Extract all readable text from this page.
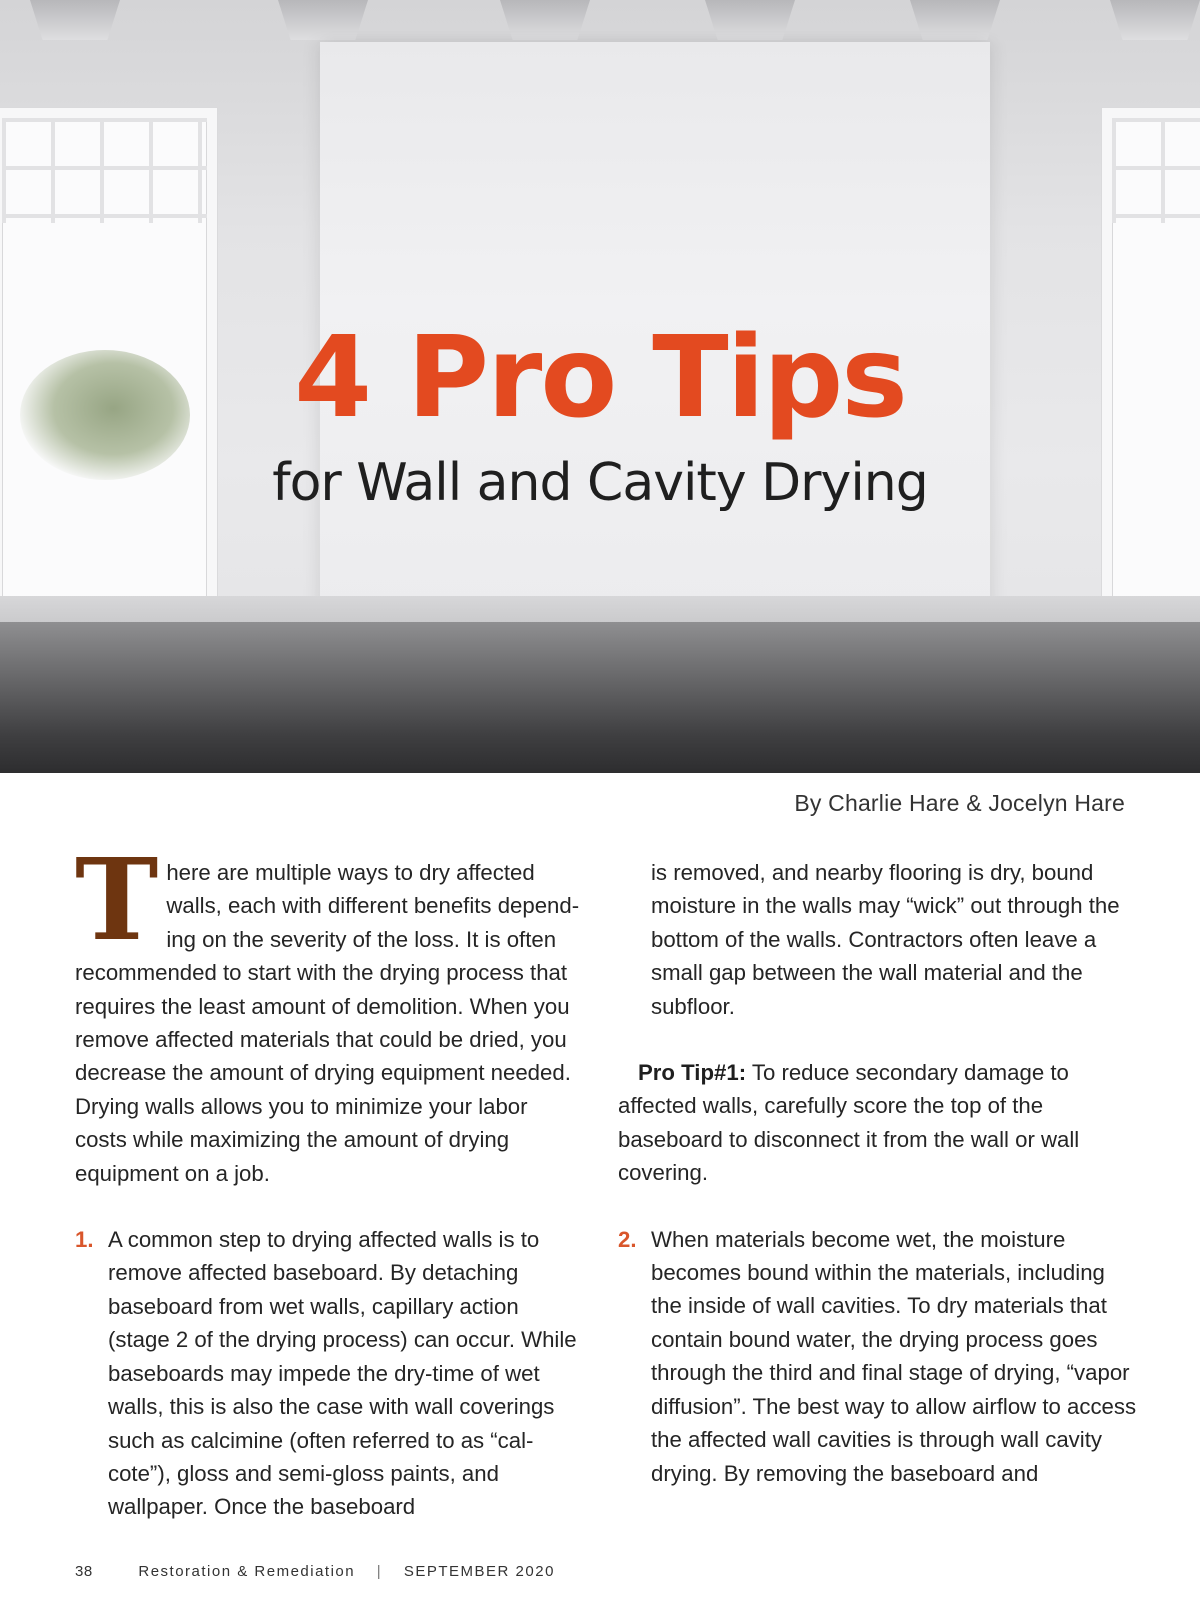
4 Pro Tips
for Wall and Cavity Drying
By Charlie Hare & Jocelyn Hare

There are multiple ways to dry affected walls, each with different benefits depend-ing on the severity of the loss. It is often recommended to start with the drying process that requires the least amount of demolition. When you remove affected materials that could be dried, you decrease the amount of drying equipment needed. Drying walls allows you to minimize your labor costs while maximizing the amount of drying equipment on a job.

1. A common step to drying affected walls is to remove affected baseboard. By detaching baseboard from wet walls, capillary action (stage 2 of the drying process) can occur. While baseboards may impede the dry-time of wet walls, this is also the case with wall coverings such as calcimine (often referred to as “cal-cote”), gloss and semi-gloss paints, and wallpaper. Once the baseboard

is removed, and nearby flooring is dry, bound moisture in the walls may “wick” out through the bottom of the walls. Contractors often leave a small gap between the wall material and the subfloor.

Pro Tip#1: To reduce secondary damage to affected walls, carefully score the top of the baseboard to disconnect it from the wall or wall covering.

2. When materials become wet, the moisture becomes bound within the materials, including the inside of wall cavities. To dry materials that contain bound water, the drying process goes through the third and final stage of drying, “vapor diffusion”. The best way to allow airflow to access the affected wall cavities is through wall cavity drying. By removing the baseboard and

38	Restoration & Remediation | SEPTEMBER 2020
